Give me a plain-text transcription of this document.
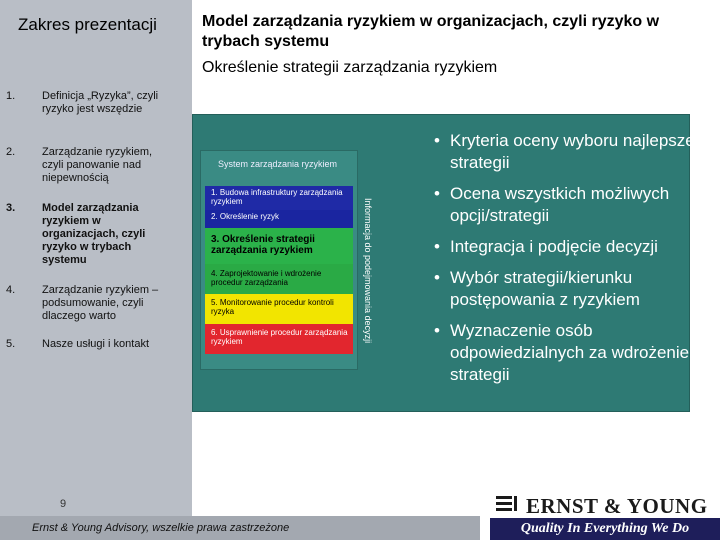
Zakres prezentacji
1. Definicja „Ryzyka”, czyli ryzyko jest wszędzie
2. Zarządzanie ryzykiem, czyli panowanie nad niepewnością
3. Model zarządzania ryzykiem w organizacjach, czyli ryzyko w trybach systemu
4. Zarządzanie ryzykiem – podsumowanie, czyli dlaczego warto
5. Nasze usługi i kontakt
9
Ernst & Young Advisory, wszelkie prawa zastrzeżone
Model zarządzania ryzykiem w organizacjach, czyli ryzyko w trybach systemu
Określenie strategii zarządzania ryzykiem
System zarządzania ryzykiem
1. Budowa infrastruktury zarządzania ryzykiem
2. Określenie ryzyk
3. Określenie strategii zarządzania ryzykiem
4. Zaprojektowanie i wdrożenie procedur zarządzania
5. Monitorowanie procedur kontroli ryzyka
6. Usprawnienie procedur zarządzania ryzykiem	Informacja do podejmowania decyzji
• Kryteria oceny wyboru najlepszej strategii
• Ocena wszystkich możliwych opcji/strategii
• Integracja i podjęcie decyzji
• Wybór strategii/kierunku postępowania z ryzykiem
• Wyznaczenie osób odpowiedzialnych za wdrożenie strategii
ERNST & YOUNG
Quality In Everything We Do
